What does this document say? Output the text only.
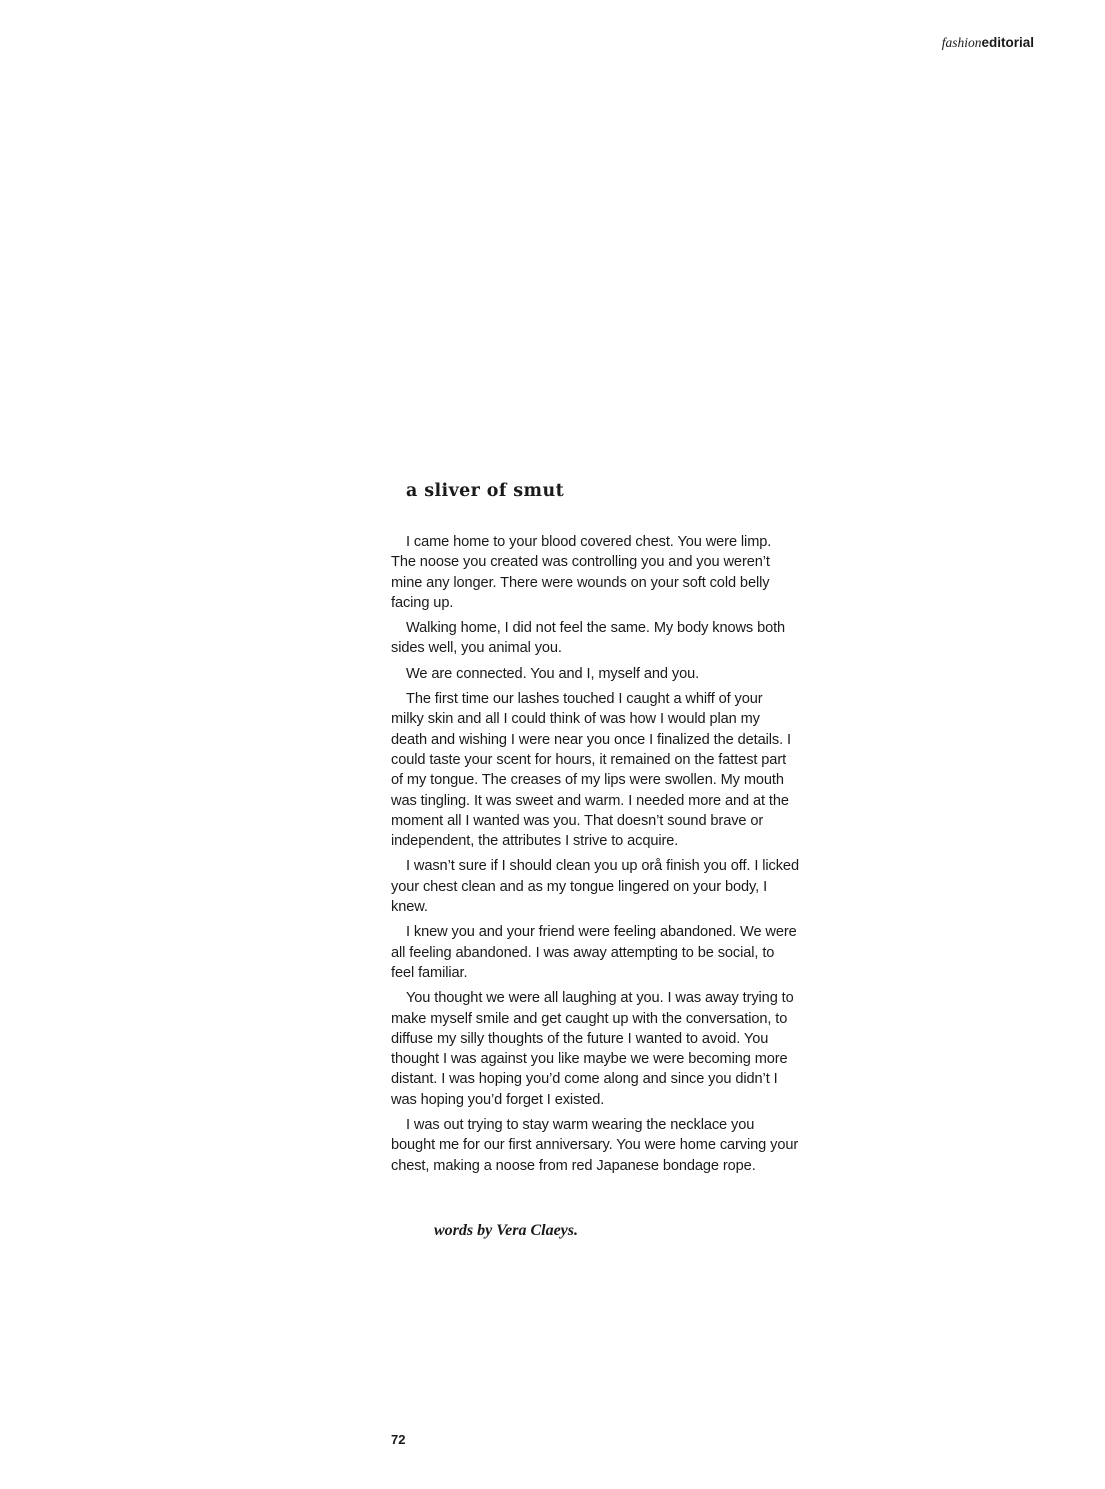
fashioneditorial
a sliver of smut

I came home to your blood covered chest. You were limp. The noose you created was controlling you and you weren’t mine any longer. There were wounds on your soft cold belly facing up.

Walking home, I did not feel the same. My body knows both sides well, you animal you.

We are connected. You and I, myself and you.

The first time our lashes touched I caught a whiff of your milky skin and all I could think of was how I would plan my death and wishing I were near you once I finalized the details. I could taste your scent for hours, it remained on the fattest part of my tongue. The creases of my lips were swollen. My mouth was tingling. It was sweet and warm. I needed more and at the moment all I wanted was you. That doesn’t sound brave or independent, the attributes I strive to acquire.

I wasn’t sure if I should clean you up orå finish you off. I licked your chest clean and as my tongue lingered on your body, I knew.

I knew you and your friend were feeling abandoned. We were all feeling abandoned. I was away attempting to be social, to feel familiar.

You thought we were all laughing at you. I was away trying to make myself smile and get caught up with the conversation, to diffuse my silly thoughts of the future I wanted to avoid. You thought I was against you like maybe we were becoming more distant. I was hoping you’d come along and since you didn’t I was hoping you’d forget I existed.

I was out trying to stay warm wearing the necklace you bought me for our first anniversary. You were home carving your chest, making a noose from red Japanese bondage rope.

words by Vera Claeys.
72
